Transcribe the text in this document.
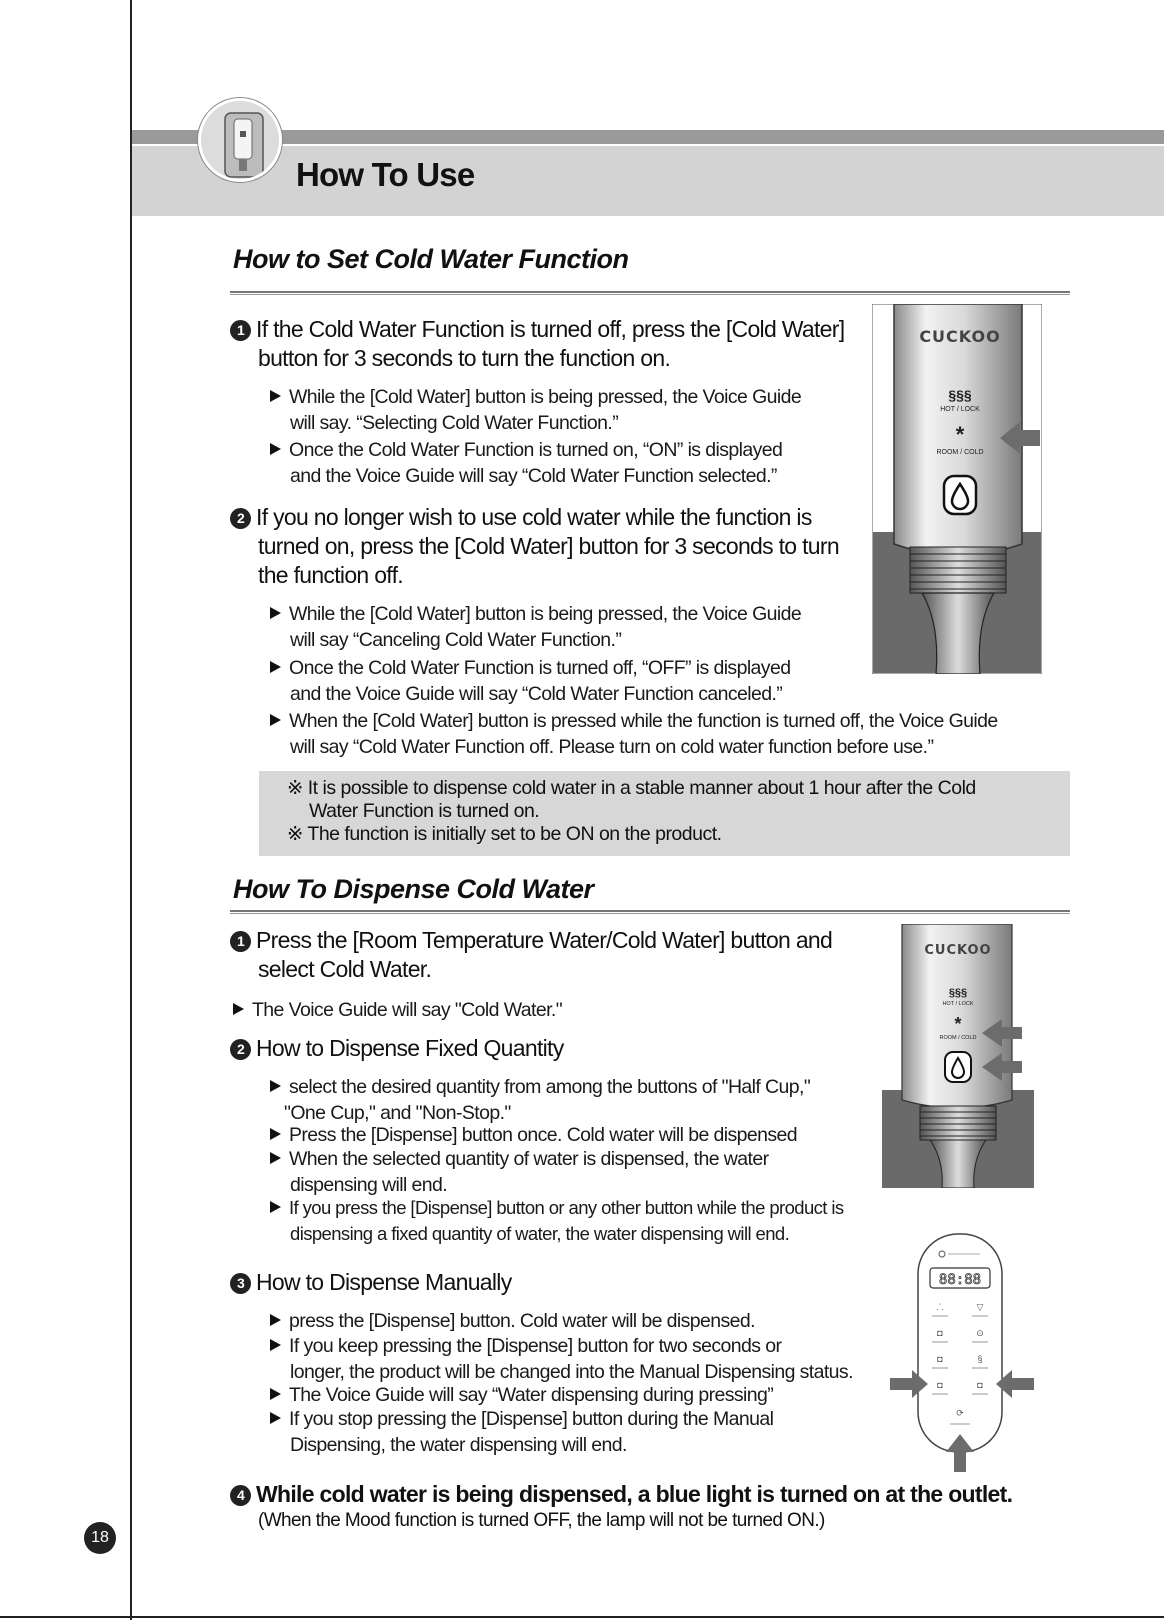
How To Use
How to Set Cold Water Function
1 If the Cold Water Function is turned off, press the [Cold Water]
button for 3 seconds to turn the function on.
While the [Cold Water] button is being pressed, the Voice Guide
will say. “Selecting Cold Water Function.”
Once the Cold Water Function is turned on, “ON” is displayed
and the Voice Guide will say “Cold Water Function selected.”
2 If you no longer wish to use cold water while the function is
turned on, press the [Cold Water] button for 3 seconds to turn
the function off.
While the [Cold Water] button is being pressed, the Voice Guide
will say “Canceling Cold Water Function.”
Once the Cold Water Function is turned off, “OFF” is displayed
and the Voice Guide will say “Cold Water Function canceled.”
When the [Cold Water] button is pressed while the function is turned off, the Voice Guide
will say “Cold Water Function off. Please turn on cold water function before use.”
※ It is possible to dispense cold water in a stable manner about 1 hour after the Cold
Water Function is turned on.
※ The function is initially set to be ON on the product.
CUCKOO
§§§
HOT / LOCK
*
ROOM / COLD
How To Dispense Cold Water
1 Press the [Room Temperature Water/Cold Water] button and
select Cold Water.
The Voice Guide will say "Cold Water."
2 How to Dispense Fixed Quantity
select the desired quantity from among the buttons of "Half Cup,"
"One Cup," and "Non-Stop."
Press the [Dispense] button once. Cold water will be dispensed
When the selected quantity of water is dispensed, the water
dispensing will end.
If you press the [Dispense] button or any other button while the product is
dispensing a fixed quantity of water, the water dispensing will end.
3 How to Dispense Manually
press the [Dispense] button. Cold water will be dispensed.
If you keep pressing the [Dispense] button for two seconds or
longer, the product will be changed into the Manual Dispensing status.
The Voice Guide will say “Water dispensing during pressing”
If you stop pressing the [Dispense] button during the Manual
Dispensing, the water dispensing will end.
4 While cold water is being dispensed, a blue light is turned on at the outlet.
(When the Mood function is turned OFF, the lamp will not be turned ON.)
CUCKOO
§§§
HOT / LOCK
*
ROOM / COLD
88:88
⸫	▽
◘	⊙
◘	§
◘	◘
⟳
18
